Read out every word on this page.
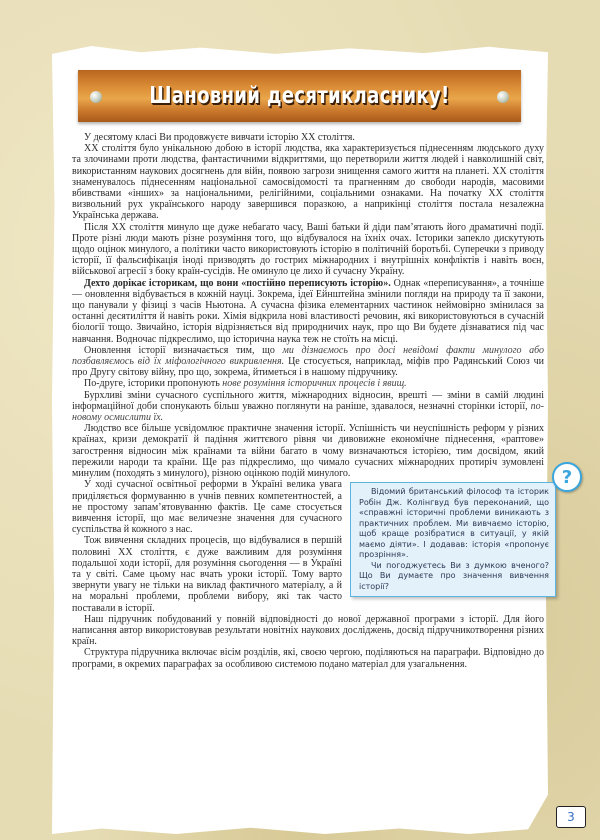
Шановний десятикласнику!

У десятому класі Ви продовжуєте вивчати історію ХХ століття.

ХХ століття було унікальною добою в історії людства, яка характеризується піднесенням людського духу та злочинами проти людства, фантастичними відкриттями, що перетворили життя людей і навколишній світ, використанням наукових досягнень для війн, появою загрози знищення самого життя на планеті. ХХ століття знаменувалось піднесенням національної самосвідомості та прагненням до свободи народів, масовими вбивствами «інших» за національними, релігійними, соціальними ознаками. На початку ХХ століття визвольний рух українського народу завершився поразкою, а наприкінці століття постала незалежна Українська держава.

Після ХХ століття минуло ще дуже небагато часу, Ваші батьки й діди пам’ятають його драматичні події. Проте різні люди мають різне розуміння того, що відбувалося на їхніх очах. Історики запекло дискутують щодо оцінок минулого, а політики часто використовують історію в політичній боротьбі. Суперечки з приводу історії, її фальсифікація іноді призводять до гострих міжнародних і внутрішніх конфліктів і навіть воєн, військової агресії з боку країн-сусідів. Не оминуло це лихо й сучасну Україну.

Дехто дорікає історикам, що вони «постійно переписують історію». Однак «переписування», а точніше — оновлення відбувається в кожній науці. Зокрема, ідеї Ейнштейна змінили погляди на природу та її закони, що панували у фізиці з часів Ньютона. А сучасна фізика елементарних частинок неймовірно змінилася за останні десятиліття й навіть роки. Хімія відкрила нові властивості речовин, які використовуються в сучасній біології тощо. Звичайно, історія відрізняється від природничих наук, про що Ви будете дізнаватися під час навчання. Водночас підкреслимо, що історична наука теж не стоїть на місці.

Оновлення історії визначається тим, що ми дізнаємось про досі невідомі факти минулого або позбавляємось від їх міфологічного викривлення. Це стосується, наприклад, міфів про Радянський Союз чи про Другу світову війну, про що, зокрема, йтиметься і в нашому підручнику.

По-друге, історики пропонують нове розуміння історичних процесів і явищ.

Бурхливі зміни сучасного суспільного життя, міжнародних відносин, врешті — зміни в самій людині інформаційної доби спонукають більш уважно поглянути на раніше, здавалося, незначні сторінки історії, по-новому осмислити їх.

Людство все більше усвідомлює практичне значення історії. Успішність чи неуспішність реформ у різних країнах, кризи демократії й падіння життєвого рівня чи дивовижне економічне піднесення, «раптове» загострення відносин між країнами та війни багато в чому визначаються історією, тим досвідом, який пережили народи та країни. Ще раз підкреслимо, що чимало сучасних міжнародних протиріч зумовлені минулим (походять з минулого), різною оцінкою подій минулого.	?

Відомий британський філософ та історик Робін Дж. Колінгвуд був переконаний, що «справжні історичні проблеми виникають з практичних проблем. Ми вивчаємо історію, щоб краще розібратися в ситуації, у якій маємо діяти». І додавав: історія «пропонує прозріння».

Чи погоджуєтесь Ви з думкою вченого? Що Ви думаєте про значення вивчення історії?

У ході сучасної освітньої реформи в Україні велика увага приділяється формуванню в учнів певних компетентностей, а не простому запам’ятовуванню фактів. Це саме стосується вивчення історії, що має величезне значення для сучасного суспільства й кожного з нас.

Тож вивчення складних процесів, що відбувалися в першій половині ХХ століття, є дуже важливим для розуміння подальшої ходи історії, для розуміння сьогодення — в Україні та у світі. Саме цьому нас вчать уроки історії. Тому варто звернути увагу не тільки на виклад фактичного матеріалу, а й на моральні проблеми, проблеми вибору, які так часто поставали в історії.

Наш підручник побудований у повній відповідності до нової державної програми з історії. Для його написання автор використовував результати новітніх наукових досліджень, досвід підручникотворення різних країн.

Структура підручника включає вісім розділів, які, своєю чергою, поділяються на параграфи. Відповідно до програми, в окремих параграфах за особливою системою подано матеріал для узагальнення.

3
